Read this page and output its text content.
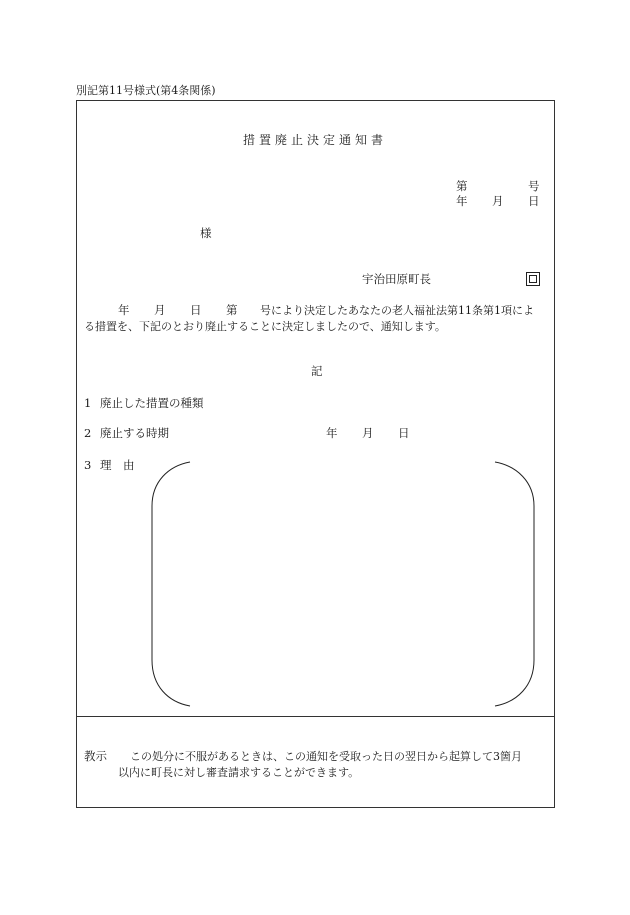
別記第11号様式(第4条関係)
措置廃止決定通知書
第	号
年 月 日
様
宇治田原町長
年 月 日 第 号により決定したあなたの老人福祉法第11条第1項によ
る措置を、下記のとおり廃止することに決定しましたので、通知します。
記
1 廃止した措置の種類
2 廃止する時期	年 月 日
3 理　由
教示 この処分に不服があるときは、この通知を受取った日の翌日から起算して3箇月
以内に町長に対し審査請求することができます。
